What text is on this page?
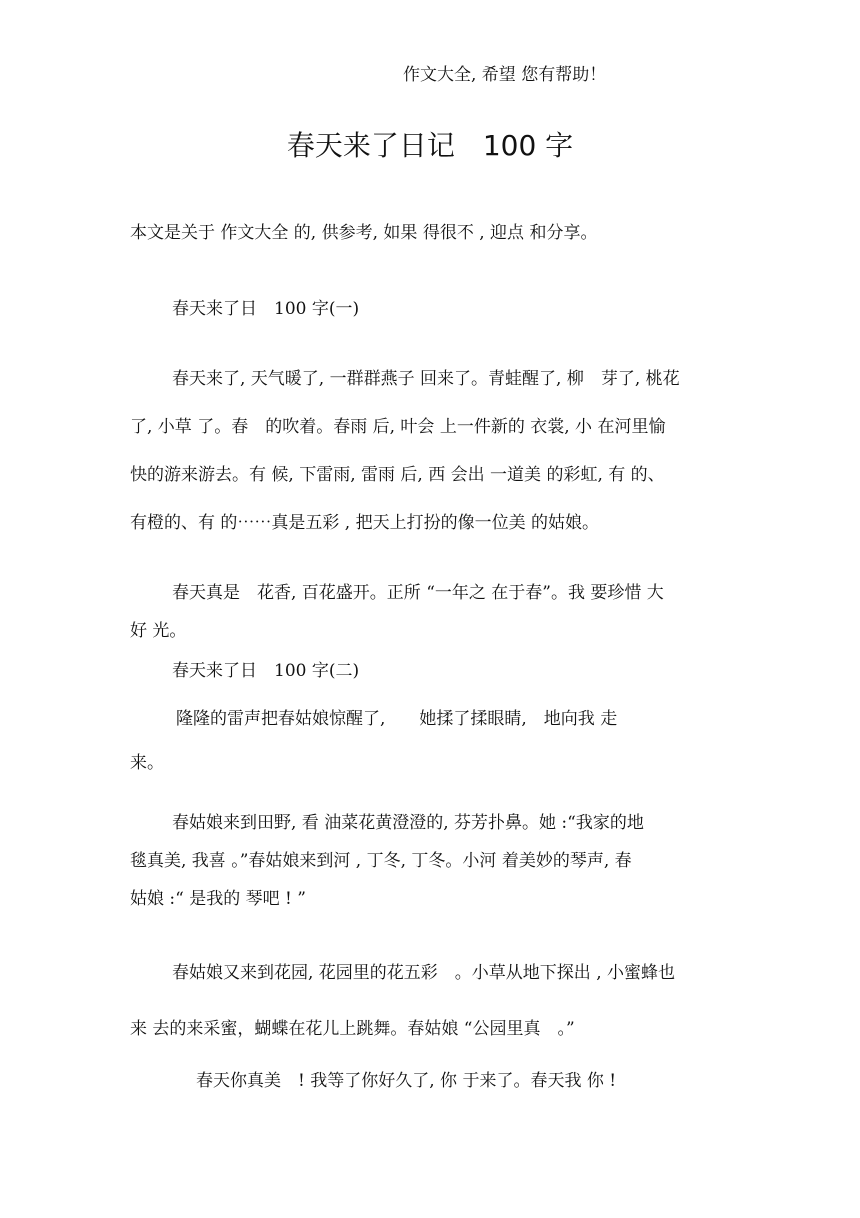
作文大全, 希望 您有帮助！
春天来了日记　100 字
本文是关于 作文大全 的, 供参考, 如果 得很不 , 迎点 和分享。
春天来了日　100 字(一)
春天来了, 天气暖了, 一群群燕子 回来了。青蛙醒了, 柳　芽了, 桃花
了, 小草 了。春　的吹着。春雨 后, 叶会 上一件新的 衣裳, 小 在河里愉
快的游来游去。有 候, 下雷雨, 雷雨 后, 西 会出 一道美 的彩虹, 有 的、
有橙的、有 的⋯⋯真是五彩 , 把天上打扮的像一位美 的姑娘。
春天真是　花香, 百花盛开。正所 “一年之 在于春”。我 要珍惜 大
好 光。
春天来了日　100 字(二)
隆隆的雷声把春姑娘惊醒了,　　她揉了揉眼睛,　地向我 走
来。
春姑娘来到田野, 看 油菜花黄澄澄的, 芬芳扑鼻。她 :“我家的地
毯真美, 我喜 。”春姑娘来到河 , 丁冬, 丁冬。小河 着美妙的琴声, 春
姑娘 :“ 是我的 琴吧 ! ”
春姑娘又来到花园, 花园里的花五彩　。小草从地下探出 , 小蜜蜂也
来 去的来采蜜，蝴蝶在花儿上跳舞。春姑娘 “公园里真　。”
春天你真美　! 我等了你好久了, 你 于来了。春天我 你 !
